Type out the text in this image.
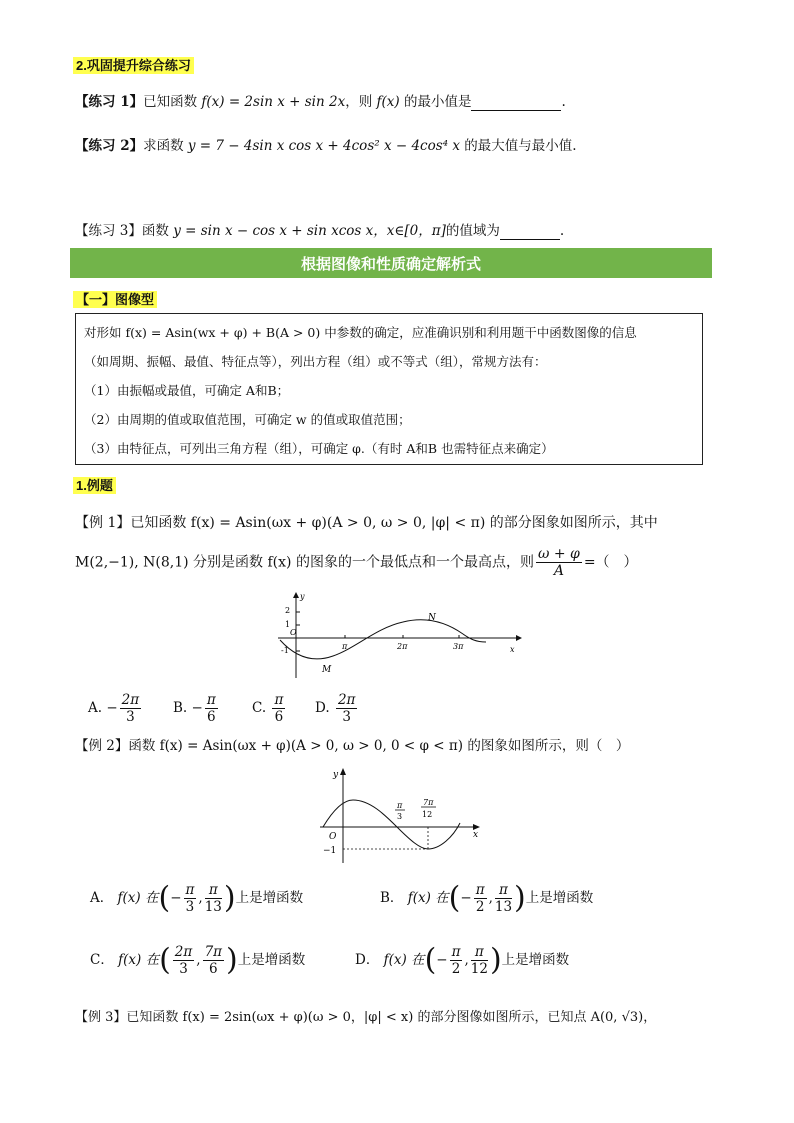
2.巩固提升综合练习
【练习 1】已知函数 f(x) = 2sin x + sin 2x，则 f(x) 的最小值是	.
【练习 2】求函数 y = 7 − 4sin x cos x + 4cos² x − 4cos⁴ x 的最大值与最小值.
【练习 3】函数 y = sin x − cos x + sin xcos x，x∈[0，π]的值域为	.
根据图像和性质确定解析式
【一】图像型
对形如 f(x) = Asin(wx + φ) + B(A > 0) 中参数的确定，应准确识别和利用题干中函数图像的信息
（如周期、振幅、最值、特征点等），列出方程（组）或不等式（组），常规方法有：
（1）由振幅或最值，可确定 A和B；
（2）由周期的值或取值范围，可确定 w 的值或取值范围；
（3）由特征点，可列出三角方程（组），可确定 φ.（有时 A和B 也需特征点来确定）
1.例题
【例 1】已知函数 f(x) = Asin(ωx + φ)(A > 0, ω > 0, |φ| < π) 的部分图象如图所示，其中
M(2,−1), N(8,1) 分别是函数 f(x) 的图象的一个最低点和一个最高点，则 $\frac{\omega + \varphi}{A}$ =（　）
2
1
-1
y
x
O
π	2π	3π
M
N
A. − $\frac{2\pi}{3} B$. − $\frac{\pi}{6}$	C. $\frac{\pi}{6} D$. $\frac{2\pi}{3}$
【例 2】函数 f(x) = Asin(ωx + φ)(A > 0, ω > 0, 0 < φ < π) 的图象如图所示，则（　）
y
x
O
−1
π
3
7π
12
A． f(x) 在(− $\frac{\pi}{3}$ , $\frac{\pi}{13}$ )上是增函数	B． f(x) 在(− $\frac{\pi}{2}$ , $\frac{\pi}{13}$ )上是增函数
C． f(x) 在( $\frac{2\pi}{3}$ , $\frac{7\pi}{6}$ )上是增函数	D． f(x) 在(− $\frac{\pi}{2}$ , $\frac{\pi}{12}$ )上是增函数
【例 3】已知函数 f(x) = 2sin(ωx + φ)(ω > 0，|φ| < x) 的部分图像如图所示，已知点 A(0, √3)，
